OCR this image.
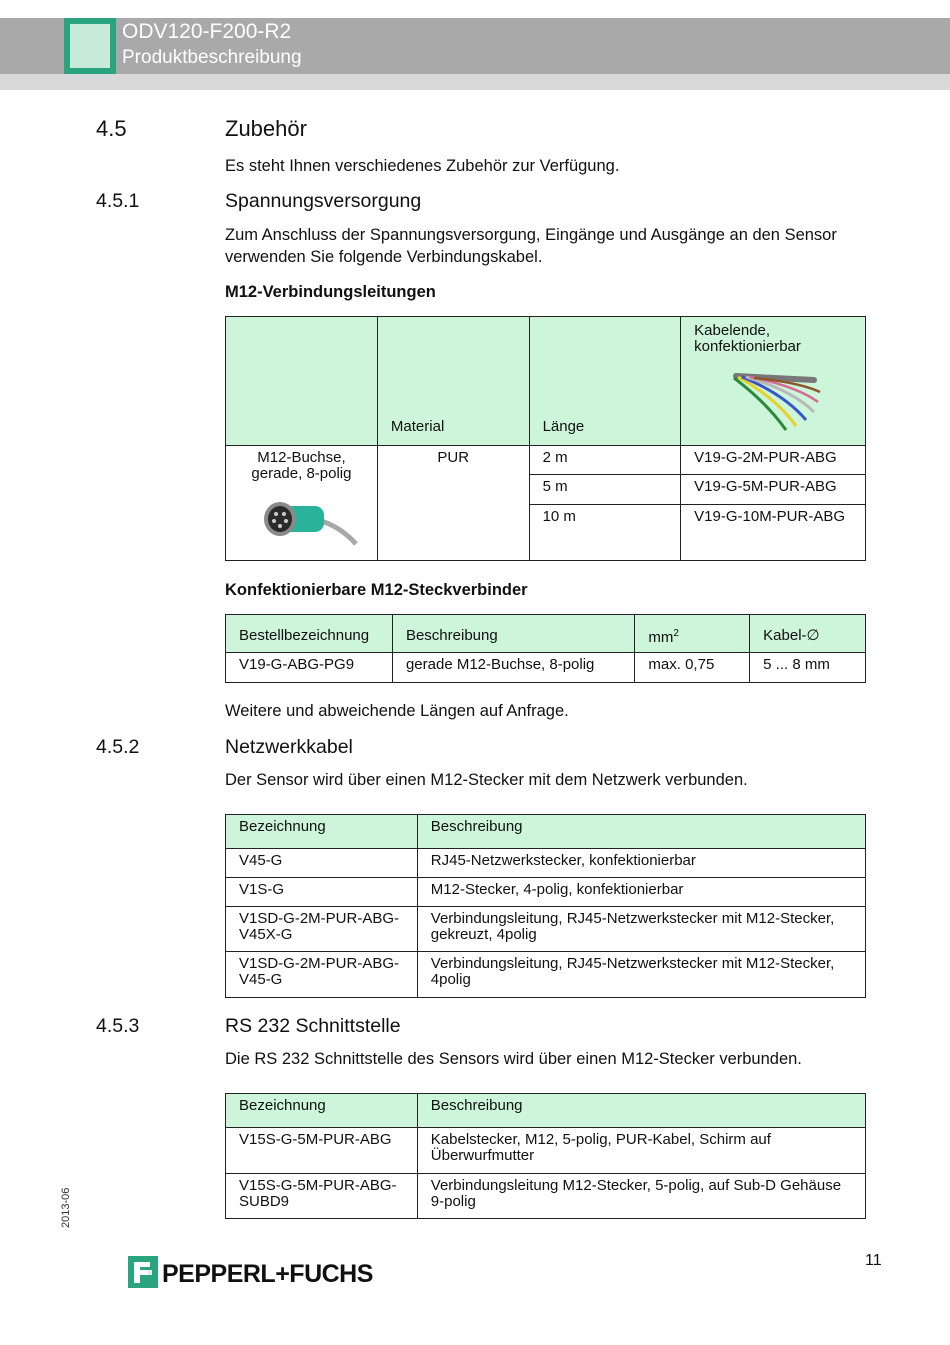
ODV120-F200-R2
Produktbeschreibung
4.5	Zubehör
Es steht Ihnen verschiedenes Zubehör zur Verfügung.
4.5.1	Spannungsversorgung
Zum Anschluss der Spannungsversorgung, Eingänge und Ausgänge an den Sensor verwenden Sie folgende Verbindungskabel.
M12-Verbindungsleitungen
	Material	Länge	Kabelende, konfektionierbar

M12-Buchse, gerade, 8-polig	PUR	2 m	V19-G-2M-PUR-ABG
		5 m	V19-G-5M-PUR-ABG
		10 m	V19-G-10M-PUR-ABG
Konfektionierbare M12-Steckverbinder
Bestellbezeichnung	Beschreibung	$mm^2$	Kabel-∅
V19-G-ABG-PG9	gerade M12-Buchse, 8-polig	max. 0,75	5 ... 8 mm
Weitere und abweichende Längen auf Anfrage.
4.5.2	Netzwerkkabel
Der Sensor wird über einen M12-Stecker mit dem Netzwerk verbunden.
Bezeichnung	Beschreibung
V45-G	RJ45-Netzwerkstecker, konfektionierbar
V1S-G	M12-Stecker, 4-polig, konfektionierbar
V1SD-G-2M-PUR-ABG-V45X-G	Verbindungsleitung, RJ45-Netzwerkstecker mit M12-Stecker, gekreuzt, 4polig
V1SD-G-2M-PUR-ABG-V45-G	Verbindungsleitung, RJ45-Netzwerkstecker mit M12-Stecker, 4polig
4.5.3	RS 232 Schnittstelle
Die RS 232 Schnittstelle des Sensors wird über einen M12-Stecker verbunden.
Bezeichnung	Beschreibung
V15S-G-5M-PUR-ABG	Kabelstecker, M12, 5-polig, PUR-Kabel, Schirm auf Überwurfmutter
V15S-G-5M-PUR-ABG-SUBD9	Verbindungsleitung M12-Stecker, 5-polig, auf Sub-D Gehäuse 9-polig
2013-06
11
PEPPERL+FUCHS
